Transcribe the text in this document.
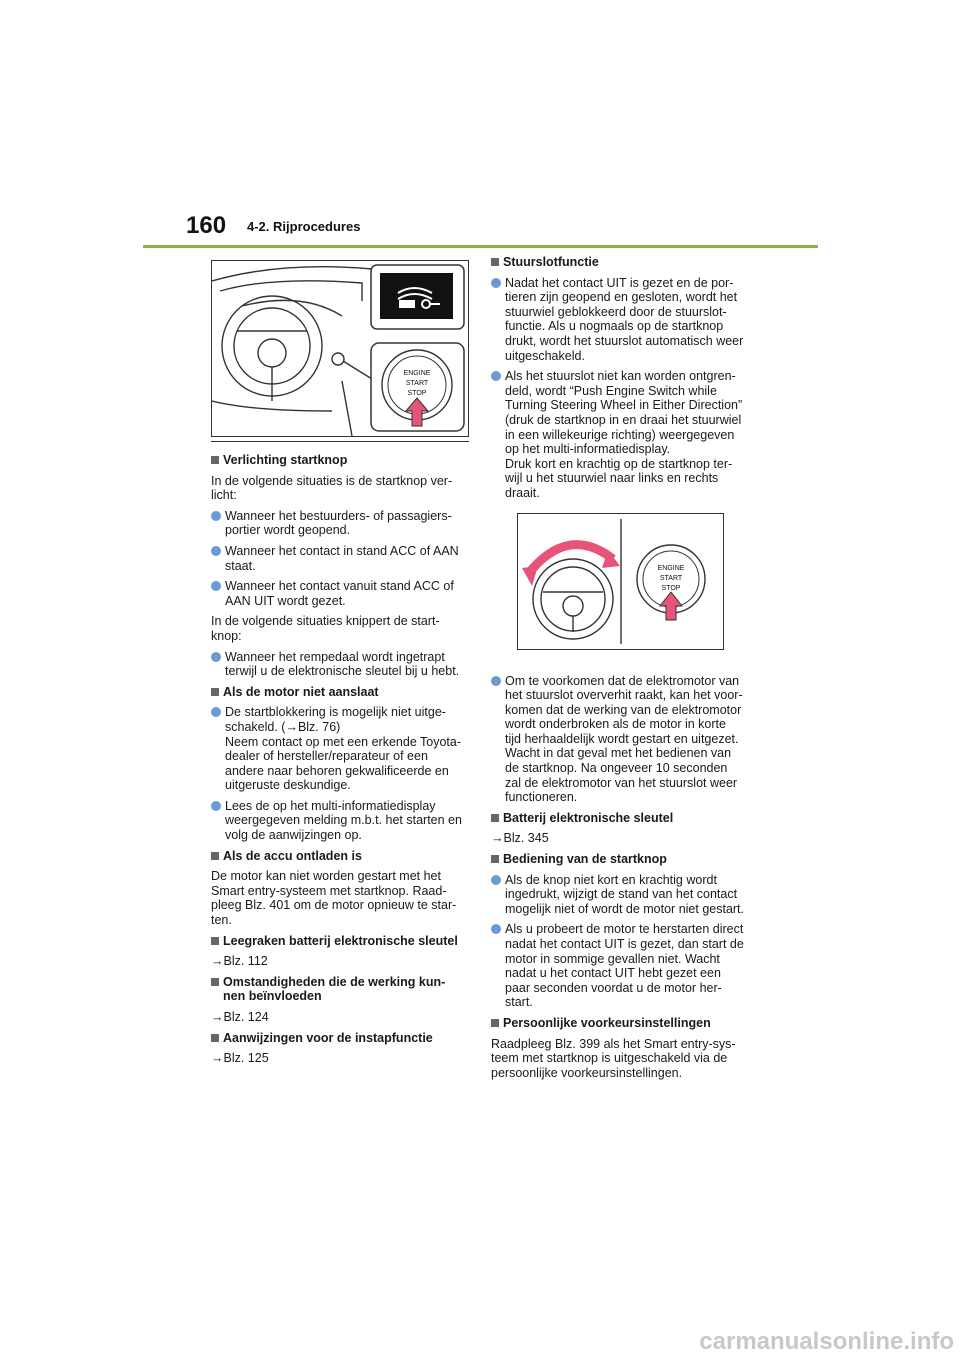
160 4-2. Rijprocedures
ENGINE
START
STOP
Verlichting startknop
In de volgende situaties is de startknop ver-
licht:
Wanneer het bestuurders- of passagiers-
portier wordt geopend.
Wanneer het contact in stand ACC of AAN
staat.
Wanneer het contact vanuit stand ACC of
AAN UIT wordt gezet.
In de volgende situaties knippert de start-
knop:
Wanneer het rempedaal wordt ingetrapt
terwijl u de elektronische sleutel bij u hebt.
Als de motor niet aanslaat
De startblokkering is mogelijk niet uitge-
schakeld. (→Blz. 76)
Neem contact op met een erkende Toyota-
dealer of hersteller/reparateur of een
andere naar behoren gekwalificeerde en
uitgeruste deskundige.
Lees de op het multi-informatiedisplay
weergegeven melding m.b.t. het starten en
volg de aanwijzingen op.
Als de accu ontladen is
De motor kan niet worden gestart met het
Smart entry-systeem met startknop. Raad-
pleeg Blz. 401 om de motor opnieuw te star-
ten.
Leegraken batterij elektronische sleutel
→Blz. 112
Omstandigheden die de werking kun-
nen beïnvloeden
→Blz. 124
Aanwijzingen voor de instapfunctie
→Blz. 125
Stuurslotfunctie
Nadat het contact UIT is gezet en de por-
tieren zijn geopend en gesloten, wordt het
stuurwiel geblokkeerd door de stuurslot-
functie. Als u nogmaals op de startknop
drukt, wordt het stuurslot automatisch weer
uitgeschakeld.
Als het stuurslot niet kan worden ontgren-
deld, wordt “Push Engine Switch while
Turning Steering Wheel in Either Direction”
(druk de startknop in en draai het stuurwiel
in een willekeurige richting) weergegeven
op het multi-informatiedisplay.
Druk kort en krachtig op de startknop ter-
wijl u het stuurwiel naar links en rechts
draait.
Om te voorkomen dat de elektromotor van
het stuurslot oververhit raakt, kan het voor-
komen dat de werking van de elektromotor
wordt onderbroken als de motor in korte
tijd herhaaldelijk wordt gestart en uitgezet.
Wacht in dat geval met het bedienen van
de startknop. Na ongeveer 10 seconden
zal de elektromotor van het stuurslot weer
functioneren.
Batterij elektronische sleutel
→Blz. 345
Bediening van de startknop
Als de knop niet kort en krachtig wordt
ingedrukt, wijzigt de stand van het contact
mogelijk niet of wordt de motor niet gestart.
Als u probeert de motor te herstarten direct
nadat het contact UIT is gezet, dan start de
motor in sommige gevallen niet. Wacht
nadat u het contact UIT hebt gezet een
paar seconden voordat u de motor her-
start.
Persoonlijke voorkeursinstellingen
Raadpleeg Blz. 399 als het Smart entry-sys-
teem met startknop is uitgeschakeld via de
persoonlijke voorkeursinstellingen.
ENGINE
START
STOP
carmanualsonline.info
